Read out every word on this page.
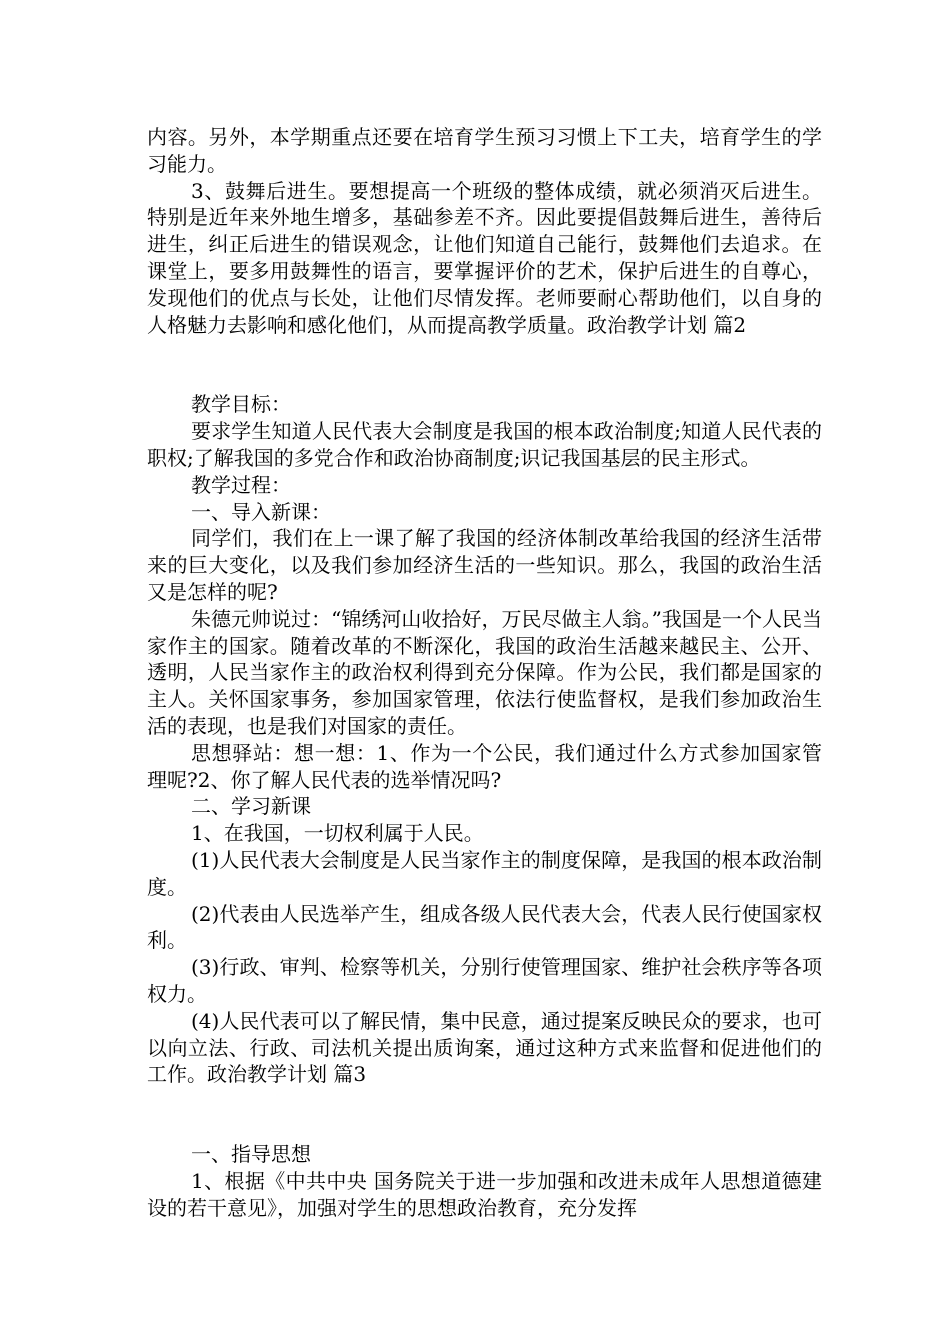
内容。另外，本学期重点还要在培育学生预习习惯上下工夫，培育学生的学习能力。

3、鼓舞后进生。要想提高一个班级的整体成绩，就必须消灭后进生。特别是近年来外地生增多，基础参差不齐。因此要提倡鼓舞后进生，善待后进生，纠正后进生的错误观念，让他们知道自己能行，鼓舞他们去追求。在课堂上，要多用鼓舞性的语言，要掌握评价的艺术，保护后进生的自尊心，发现他们的优点与长处，让他们尽情发挥。老师要耐心帮助他们，以自身的人格魅力去影响和感化他们，从而提高教学质量。政治教学计划 篇2

教学目标：

要求学生知道人民代表大会制度是我国的根本政治制度;知道人民代表的职权;了解我国的多党合作和政治协商制度;识记我国基层的民主形式。

教学过程：

一、导入新课：

同学们，我们在上一课了解了我国的经济体制改革给我国的经济生活带来的巨大变化，以及我们参加经济生活的一些知识。那么，我国的政治生活又是怎样的呢?

朱德元帅说过：“锦绣河山收拾好，万民尽做主人翁。”我国是一个人民当家作主的国家。随着改革的不断深化，我国的政治生活越来越民主、公开、透明，人民当家作主的政治权利得到充分保障。作为公民，我们都是国家的主人。关怀国家事务，参加国家管理，依法行使监督权，是我们参加政治生活的表现，也是我们对国家的责任。

思想驿站：想一想：1、作为一个公民，我们通过什么方式参加国家管理呢?2、你了解人民代表的选举情况吗?

二、学习新课

1、在我国，一切权利属于人民。

(1)人民代表大会制度是人民当家作主的制度保障，是我国的根本政治制度。

(2)代表由人民选举产生，组成各级人民代表大会，代表人民行使国家权利。

(3)行政、审判、检察等机关，分别行使管理国家、维护社会秩序等各项权力。

(4)人民代表可以了解民情，集中民意，通过提案反映民众的要求，也可以向立法、行政、司法机关提出质询案，通过这种方式来监督和促进他们的工作。政治教学计划 篇3

一、指导思想

1、根据《中共中央 国务院关于进一步加强和改进未成年人思想道德建设的若干意见》，加强对学生的思想政治教育，充分发挥
